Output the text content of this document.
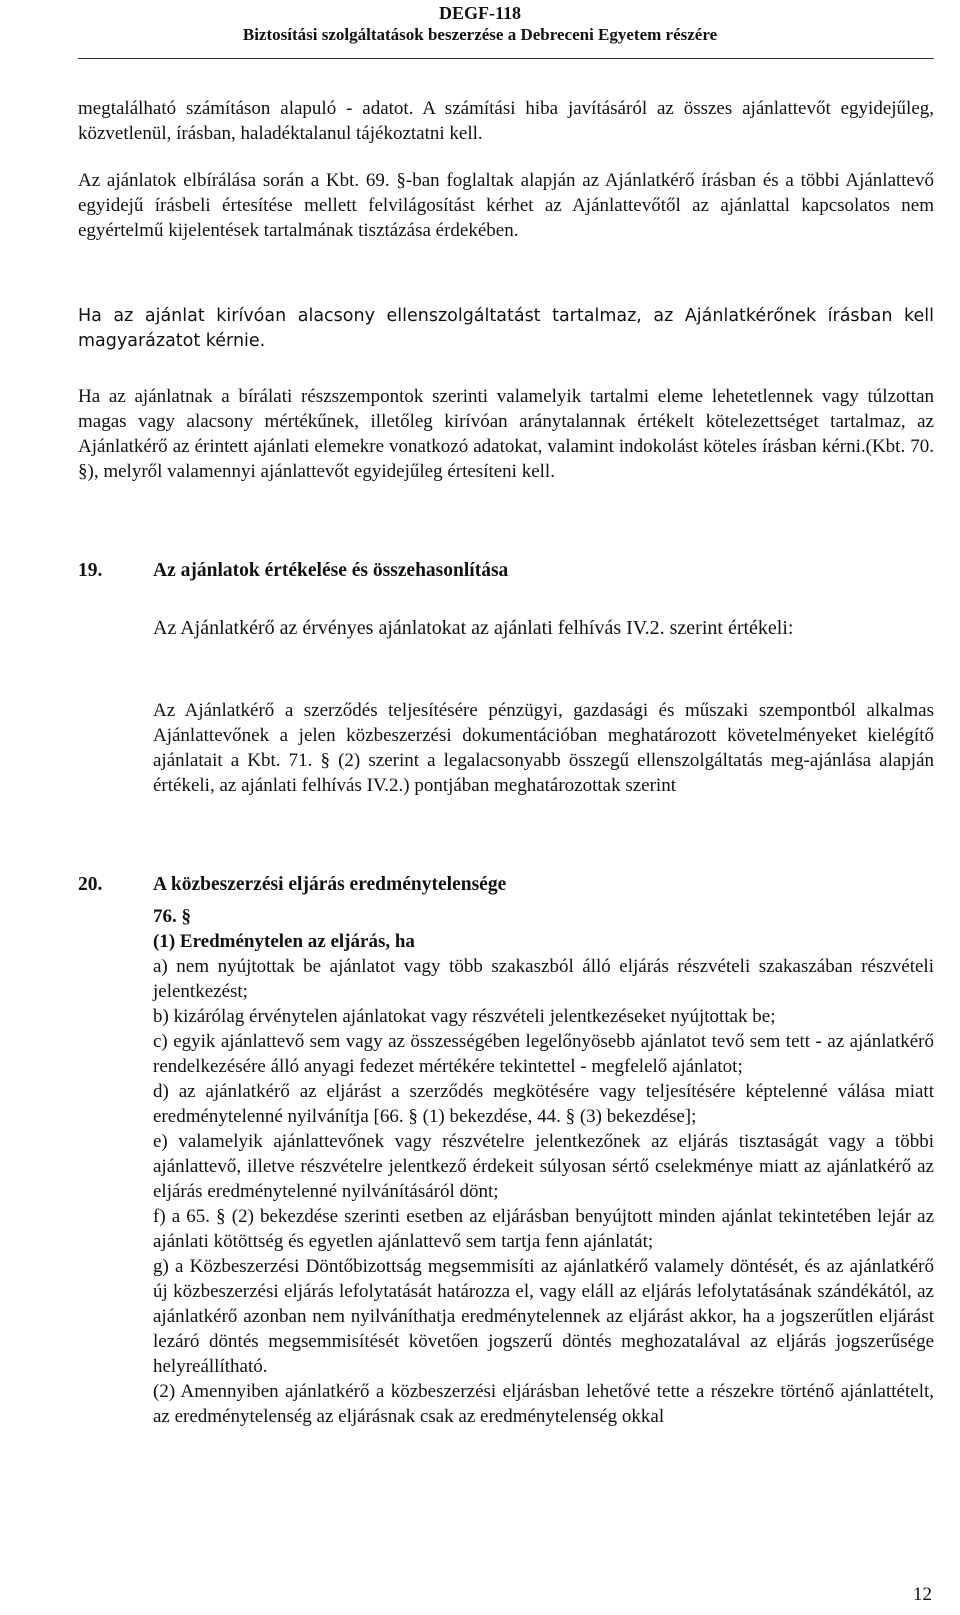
DEGF-118
Biztosítási szolgáltatások beszerzése a Debreceni Egyetem részére

megtalálható számításon alapuló - adatot. A számítási hiba javításáról az összes ajánlattevőt egyidejűleg, közvetlenül, írásban, haladéktalanul tájékoztatni kell.

Az ajánlatok elbírálása során a Kbt. 69. §-ban foglaltak alapján az Ajánlatkérő írásban és a többi Ajánlattevő egyidejű írásbeli értesítése mellett felvilágosítást kérhet az Ajánlattevőtől az ajánlattal kapcsolatos nem egyértelmű kijelentések tartalmának tisztázása érdekében.

Ha az ajánlat kirívóan alacsony ellenszolgáltatást tartalmaz, az Ajánlatkérőnek írásban kell magyarázatot kérnie.

Ha az ajánlatnak a bírálati részszempontok szerinti valamelyik tartalmi eleme lehetetlennek vagy túlzottan magas vagy alacsony mértékűnek, illetőleg kirívóan aránytalannak értékelt kötelezettséget tartalmaz, az Ajánlatkérő az érintett ajánlati elemekre vonatkozó adatokat, valamint indokolást köteles írásban kérni.(Kbt. 70. §), melyről valamennyi ajánlattevőt egyidejűleg értesíteni kell.

19.	Az ajánlatok értékelése és összehasonlítása

Az Ajánlatkérő az érvényes ajánlatokat az ajánlati felhívás IV.2. szerint értékeli:

Az Ajánlatkérő a szerződés teljesítésére pénzügyi, gazdasági és műszaki szempontból alkalmas Ajánlattevőnek a jelen közbeszerzési dokumentációban meghatározott követelményeket kielégítő ajánlatait a Kbt. 71. § (2) szerint a legalacsonyabb összegű ellenszolgáltatás meg-ajánlása alapján értékeli, az ajánlati felhívás IV.2.) pontjában meghatározottak szerint

20.	A közbeszerzési eljárás eredménytelensége

76. §

(1) Eredménytelen az eljárás, ha

a) nem nyújtottak be ajánlatot vagy több szakaszból álló eljárás részvételi szakaszában részvételi jelentkezést;

b) kizárólag érvénytelen ajánlatokat vagy részvételi jelentkezéseket nyújtottak be;

c) egyik ajánlattevő sem vagy az összességében legelőnyösebb ajánlatot tevő sem tett - az ajánlatkérő rendelkezésére álló anyagi fedezet mértékére tekintettel - megfelelő ajánlatot;

d) az ajánlatkérő az eljárást a szerződés megkötésére vagy teljesítésére képtelenné válása miatt eredménytelenné nyilvánítja [66. § (1) bekezdése, 44. § (3) bekezdése];

e) valamelyik ajánlattevőnek vagy részvételre jelentkezőnek az eljárás tisztaságát vagy a többi ajánlattevő, illetve részvételre jelentkező érdekeit súlyosan sértő cselekménye miatt az ajánlatkérő az eljárás eredménytelenné nyilvánításáról dönt;

f) a 65. § (2) bekezdése szerinti esetben az eljárásban benyújtott minden ajánlat tekintetében lejár az ajánlati kötöttség és egyetlen ajánlattevő sem tartja fenn ajánlatát;

g) a Közbeszerzési Döntőbizottság megsemmisíti az ajánlatkérő valamely döntését, és az ajánlatkérő új közbeszerzési eljárás lefolytatását határozza el, vagy eláll az eljárás lefolytatásának szándékától, az ajánlatkérő azonban nem nyilváníthatja eredménytelennek az eljárást akkor, ha a jogszerűtlen eljárást lezáró döntés megsemmisítését követően jogszerű döntés meghozatalával az eljárás jogszerűsége helyreállítható.

(2) Amennyiben ajánlatkérő a közbeszerzési eljárásban lehetővé tette a részekre történő ajánlattételt, az eredménytelenség az eljárásnak csak az eredménytelenség okkal

12
